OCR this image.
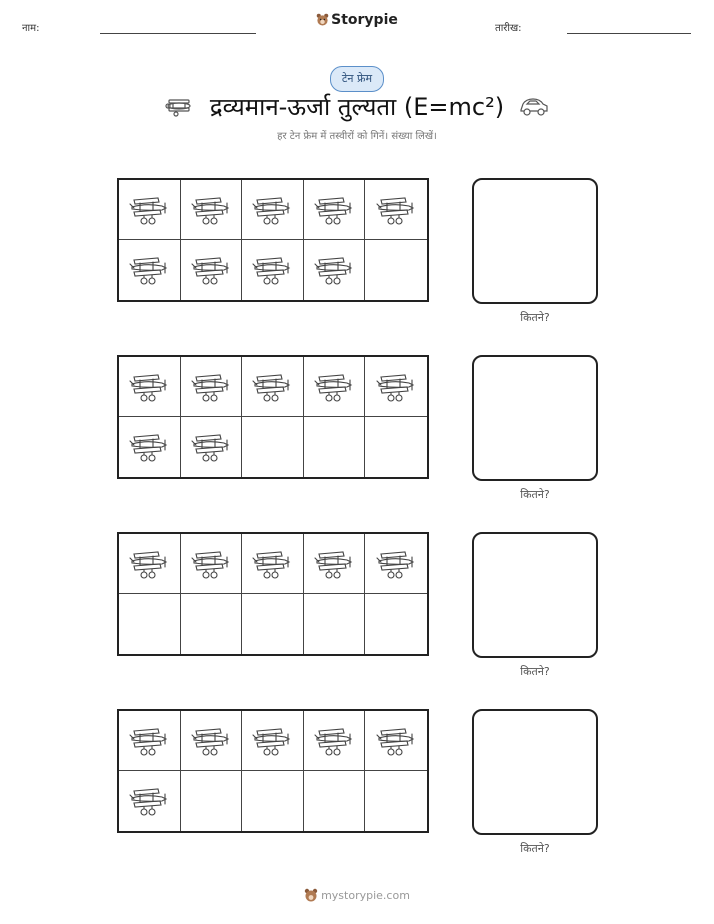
नाम:
Storypie
तारीख:
टेन फ्रेम
द्रव्यमान-ऊर्जा तुल्यता (E=mc²)
हर टेन फ्रेम में तस्वीरों को गिनें। संख्या लिखें।
कितने?
कितने?
कितने?
कितने?
mystorypie.com
